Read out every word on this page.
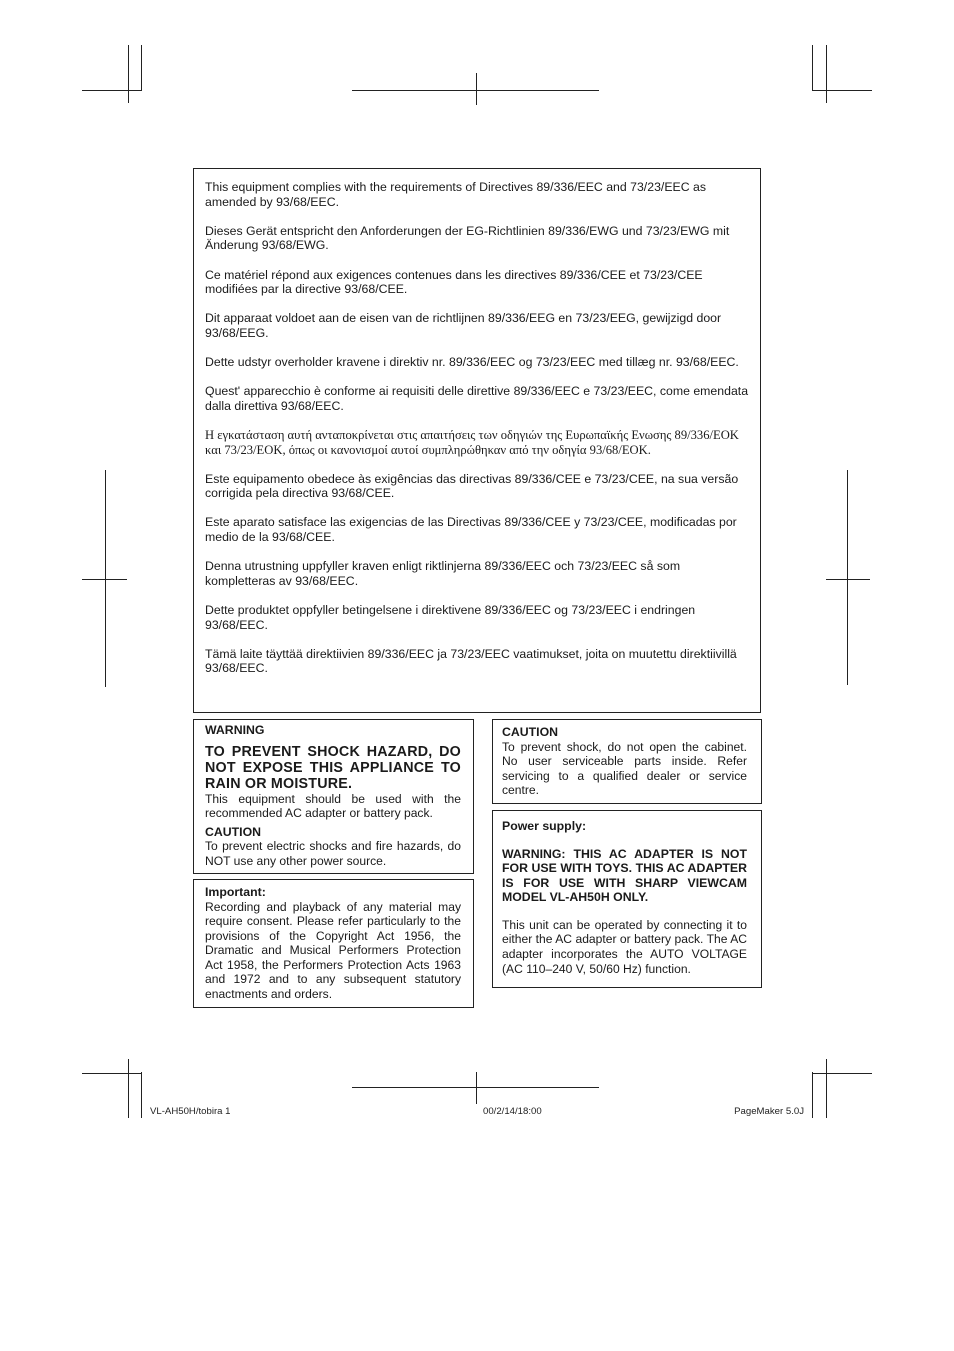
This equipment complies with the requirements of Directives 89/336/EEC and 73/23/EEC as amended by 93/68/EEC.

Dieses Gerät entspricht den Anforderungen der EG-Richtlinien 89/336/EWG und 73/23/EWG mit Änderung 93/68/EWG.

Ce matériel répond aux exigences contenues dans les directives 89/336/CEE et 73/23/CEE modifiées par la directive 93/68/CEE.

Dit apparaat voldoet aan de eisen van de richtlijnen 89/336/EEG en 73/23/EEG, gewijzigd door 93/68/EEG.

Dette udstyr overholder kravene i direktiv nr. 89/336/EEC og 73/23/EEC med tillæg nr. 93/68/EEC.

Quest' apparecchio è conforme ai requisiti delle direttive 89/336/EEC e 73/23/EEC, come emendata dalla direttiva 93/68/EEC.

Η εγκατάσταση αυτή ανταποκρίνεται στις απαιτήσεις των οδηγιών της Ευρωπαϊκής Ενωσης 89/336/ΕΟΚ και 73/23/ΕΟΚ, όπως οι κανονισμοί αυτοί συμπληρώθηκαν από την οδηγία 93/68/ΕΟΚ.

Este equipamento obedece às exigências das directivas 89/336/CEE e 73/23/CEE, na sua versão corrigida pela directiva 93/68/CEE.

Este aparato satisface las exigencias de las Directivas 89/336/CEE y 73/23/CEE, modificadas por medio de la 93/68/CEE.

Denna utrustning uppfyller kraven enligt riktlinjerna 89/336/EEC och 73/23/EEC så som kompletteras av 93/68/EEC.

Dette produktet oppfyller betingelsene i direktivene 89/336/EEC og 73/23/EEC i endringen 93/68/EEC.

Tämä laite täyttää direktiivien 89/336/EEC ja 73/23/EEC vaatimukset, joita on muutettu direktiivillä 93/68/EEC.

WARNING

TO PREVENT SHOCK HAZARD, DO NOT EXPOSE THIS APPLIANCE TO RAIN OR MOISTURE.

This equipment should be used with the recommended AC adapter or battery pack.

CAUTION

To prevent electric shocks and fire hazards, do NOT use any other power source.

Important:

Recording and playback of any material may require consent. Please refer particularly to the provisions of the Copyright Act 1956, the Dramatic and Musical Performers Protection Act 1958, the Performers Protection Acts 1963 and 1972 and to any subsequent statutory enactments and orders.

CAUTION

To prevent shock, do not open the cabinet. No user serviceable parts inside. Refer servicing to a qualified dealer or service centre.

Power supply:

WARNING: THIS AC ADAPTER IS NOT FOR USE WITH TOYS. THIS AC ADAPTER IS FOR USE WITH SHARP VIEWCAM MODEL VL-AH50H ONLY.

This unit can be operated by connecting it to either the AC adapter or battery pack. The AC adapter incorporates the AUTO VOLTAGE (AC 110–240 V, 50/60 Hz) function.

VL-AH50H/tobira 1	00/2/14/18:00	PageMaker 5.0J
